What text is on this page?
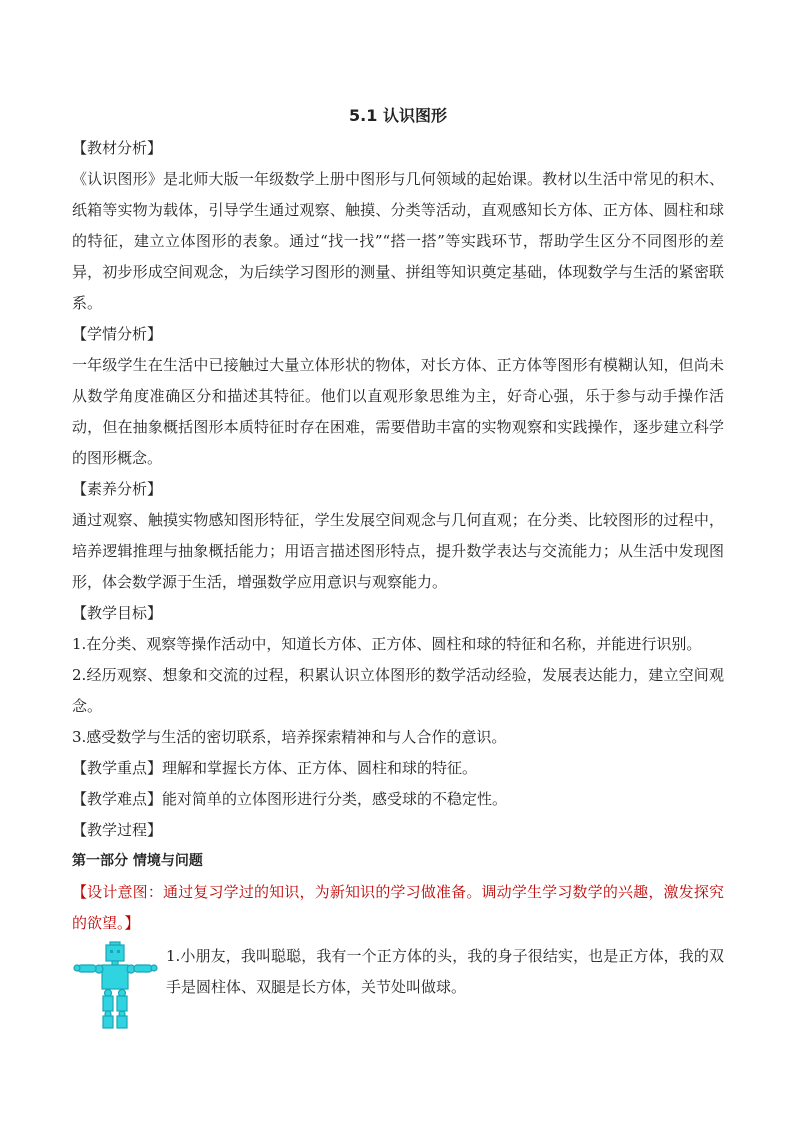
5.1 认识图形

【教材分析】

《认识图形》是北师大版一年级数学上册中图形与几何领域的起始课。教材以生活中常见的积木、纸箱等实物为载体，引导学生通过观察、触摸、分类等活动，直观感知长方体、正方体、圆柱和球的特征，建立立体图形的表象。通过“找一找”“搭一搭”等实践环节，帮助学生区分不同图形的差异，初步形成空间观念，为后续学习图形的测量、拼组等知识奠定基础，体现数学与生活的紧密联系。

【学情分析】

一年级学生在生活中已接触过大量立体形状的物体，对长方体、正方体等图形有模糊认知，但尚未从数学角度准确区分和描述其特征。他们以直观形象思维为主，好奇心强，乐于参与动手操作活动，但在抽象概括图形本质特征时存在困难，需要借助丰富的实物观察和实践操作，逐步建立科学的图形概念。

【素养分析】

通过观察、触摸实物感知图形特征，学生发展空间观念与几何直观；在分类、比较图形的过程中，培养逻辑推理与抽象概括能力；用语言描述图形特点，提升数学表达与交流能力；从生活中发现图形，体会数学源于生活，增强数学应用意识与观察能力。

【教学目标】

1.在分类、观察等操作活动中，知道长方体、正方体、圆柱和球的特征和名称，并能进行识别。

2.经历观察、想象和交流的过程，积累认识立体图形的数学活动经验，发展表达能力，建立空间观念。

3.感受数学与生活的密切联系，培养探索精神和与人合作的意识。

【教学重点】理解和掌握长方体、正方体、圆柱和球的特征。

【教学难点】能对简单的立体图形进行分类，感受球的不稳定性。

【教学过程】

第一部分 情境与问题

【设计意图：通过复习学过的知识，为新知识的学习做准备。调动学生学习数学的兴趣，激发探究的欲望。】

1.小朋友，我叫聪聪，我有一个正方体的头，我的身子很结实，也是正方体，我的双手是圆柱体、双腿是长方体，关节处叫做球。
